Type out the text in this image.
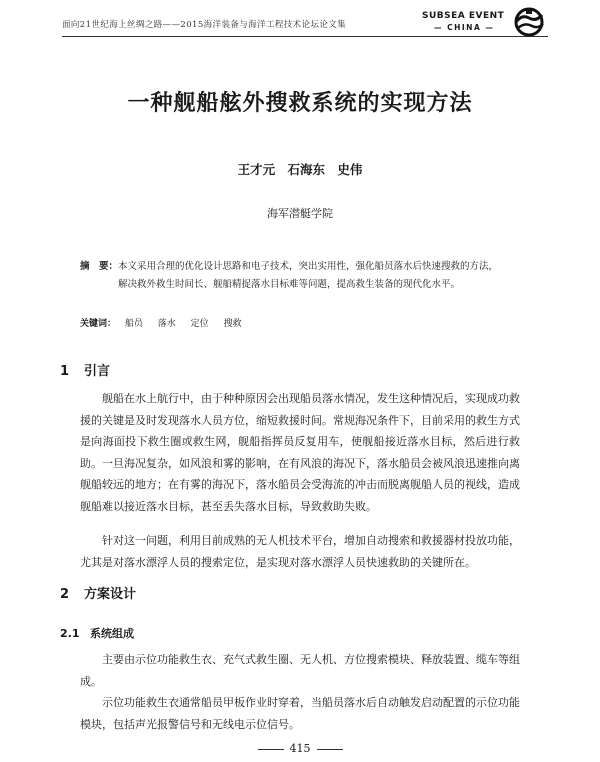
面向21世纪海上丝绸之路——2015海洋装备与海洋工程技术论坛论文集
SUBSEA EVENT
— CHINA —
一种舰船舷外搜救系统的实现方法
王才元 石海东 史伟
海军潜艇学院

摘　要：本文采用合理的优化设计思路和电子技术，突出实用性，强化船员落水后快速搜救的方法，解决救外救生时间长、舰船精捉落水目标难等问题，提高救生装备的现代化水平。

关键词： 船员 落水 定位 搜救
1 引言

舰船在水上航行中，由于种种原因会出现船员落水情况，发生这种情况后，实现成功救援的关键是及时发现落水人员方位，缩短救援时间。常规海况条件下，目前采用的救生方式是向海面投下救生圈或救生网，舰船指挥员反复用车，使舰船接近落水目标，然后进行救助。一旦海况复杂，如风浪和雾的影响，在有风浪的海况下，落水船员会被风浪迅速推向离舰船较远的地方；在有雾的海况下，落水船员会受海流的冲击而脱离舰船人员的视线，造成舰船难以接近落水目标，甚至丢失落水目标，导致救助失败。

针对这一问题，利用目前成熟的无人机技术平台，增加自动搜索和救援器材投放功能，尤其是对落水漂浮人员的搜索定位，是实现对落水漂浮人员快速救助的关键所在。

2 方案设计
2.1 系统组成

主要由示位功能救生衣、充气式救生圈、无人机、方位搜索模块、释放装置、缆车等组成。

示位功能救生衣通常船员甲板作业时穿着，当船员落水后自动触发启动配置的示位功能模块，包括声光报警信号和无线电示位信号。

415
